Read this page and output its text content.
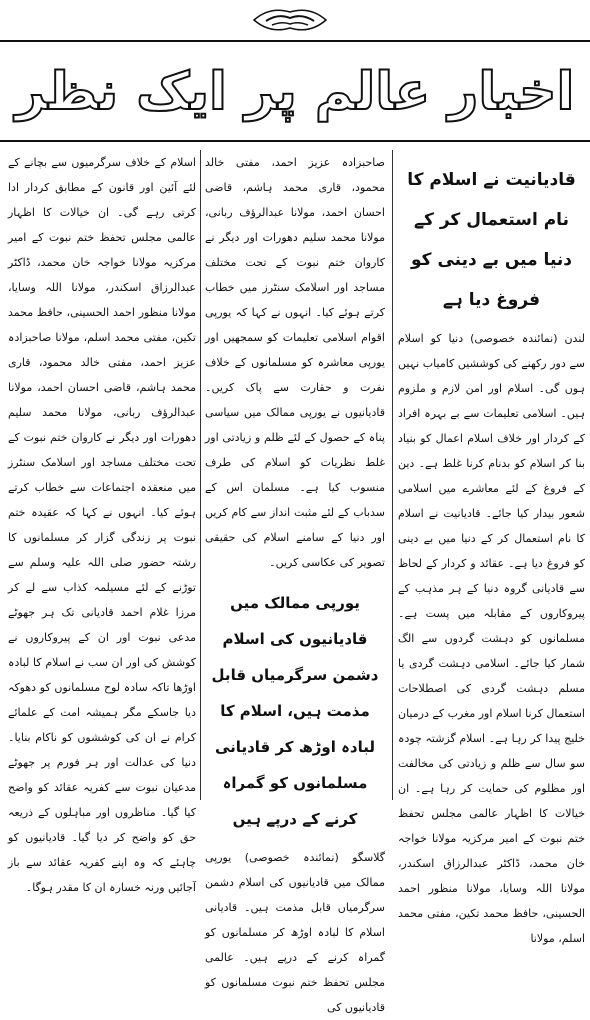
اخبار عالم پر ایک نظر
قادیانیت نے اسلام کا نام استعمال کر کے دنیا میں بے دینی کو فروغ دیا ہے

لندن (نمائندہ خصوصی) دنیا کو اسلام سے دور رکھنے کی کوششیں کامیاب نہیں ہوں گی۔ اسلام اور امن لازم و ملزوم ہیں۔ اسلامی تعلیمات سے بے بہرہ افراد کے کردار اور خلاف اسلام اعمال کو بنیاد بنا کر اسلام کو بدنام کرنا غلط ہے۔ دین کے فروغ کے لئے معاشرے میں اسلامی شعور بیدار کیا جائے۔ قادیانیت نے اسلام کا نام استعمال کر کے دنیا میں بے دینی کو فروغ دیا ہے۔ عقائد و کردار کے لحاظ سے قادیانی گروہ دنیا کے ہر مذہب کے پیروکاروں کے مقابلہ میں پست ہے۔ مسلمانوں کو دہشت گردوں سے الگ شمار کیا جائے۔ اسلامی دہشت گردی یا مسلم دہشت گردی کی اصطلاحات استعمال کرنا اسلام اور مغرب کے درمیان خلیج پیدا کر رہا ہے۔ اسلام گزشتہ چودہ سو سال سے ظلم و زیادتی کی مخالفت اور مظلوم کی حمایت کر رہا ہے۔ ان خیالات کا اظہار عالمی مجلس تحفظ ختم نبوت کے امیر مرکزیہ مولانا خواجہ خان محمد، ڈاکٹر عبدالرزاق اسکندر، مولانا اللہ وسایا، مولانا منظور احمد الحسینی، حافظ محمد تکین، مفتی محمد اسلم، مولانا

صاحبزادہ عزیز احمد، مفتی خالد محمود، قاری محمد ہاشم، قاضی احسان احمد، مولانا عبدالرؤف ربانی، مولانا محمد سلیم دھورات اور دیگر نے کاروان ختم نبوت کے تحت مختلف مساجد اور اسلامک سنٹرز میں خطاب کرتے ہوئے کیا۔ انہوں نے کہا کہ یورپی اقوام اسلامی تعلیمات کو سمجھیں اور یورپی معاشرہ کو مسلمانوں کے خلاف نفرت و حقارت سے پاک کریں۔ قادیانیوں نے یورپی ممالک میں سیاسی پناہ کے حصول کے لئے ظلم و زیادتی اور غلط نظریات کو اسلام کی طرف منسوب کیا ہے۔ مسلمان اس کے سدباب کے لئے مثبت انداز سے کام کریں اور دنیا کے سامنے اسلام کی حقیقی تصویر کی عکاسی کریں۔

یورپی ممالک میں قادیانیوں کی اسلام دشمن سرگرمیاں قابل مذمت ہیں، اسلام کا لبادہ اوڑھ کر قادیانی مسلمانوں کو گمراہ کرنے کے درپے ہیں

گلاسگو (نمائندہ خصوصی) یورپی ممالک میں قادیانیوں کی اسلام دشمن سرگرمیاں قابل مذمت ہیں۔ قادیانی اسلام کا لبادہ اوڑھ کر مسلمانوں کو گمراہ کرنے کے درپے ہیں۔ عالمی مجلس تحفظ ختم نبوت مسلمانوں کو قادیانیوں کی

اسلام کے خلاف سرگرمیوں سے بچانے کے لئے آئین اور قانون کے مطابق کردار ادا کرتی رہے گی۔ ان خیالات کا اظہار عالمی مجلس تحفظ ختم نبوت کے امیر مرکزیہ مولانا خواجہ خان محمد، ڈاکٹر عبدالرزاق اسکندر، مولانا اللہ وسایا، مولانا منظور احمد الحسینی، حافظ محمد تکین، مفتی محمد اسلم، مولانا صاحبزادہ عزیز احمد، مفتی خالد محمود، قاری محمد ہاشم، قاضی احسان احمد، مولانا عبدالرؤف ربانی، مولانا محمد سلیم دھورات اور دیگر نے کاروان ختم نبوت کے تحت مختلف مساجد اور اسلامک سنٹرز میں منعقدہ اجتماعات سے خطاب کرتے ہوئے کیا۔ انہوں نے کہا کہ عقیدہ ختم نبوت پر زندگی گزار کر مسلمانوں کا رشتہ حضور صلی اللہ علیہ وسلم سے توڑنے کے لئے مسیلمہ کذاب سے لے کر مرزا غلام احمد قادیانی تک ہر جھوٹے مدعی نبوت اور ان کے پیروکاروں نے کوشش کی اور ان سب نے اسلام کا لبادہ اوڑھا تاکہ سادہ لوح مسلمانوں کو دھوکہ دیا جاسکے مگر ہمیشہ امت کے علمائے کرام نے ان کی کوششوں کو ناکام بنایا۔ دنیا کی عدالت اور ہر فورم پر جھوٹے مدعیان نبوت سے کفریہ عقائد کو واضح کیا گیا۔ مناظروں اور مباہلوں کے ذریعہ حق کو واضح کر دیا گیا۔ قادیانیوں کو چاہئے کہ وہ اپنے کفریہ عقائد سے باز آجائیں ورنہ خسارہ ان کا مقدر ہوگا۔
